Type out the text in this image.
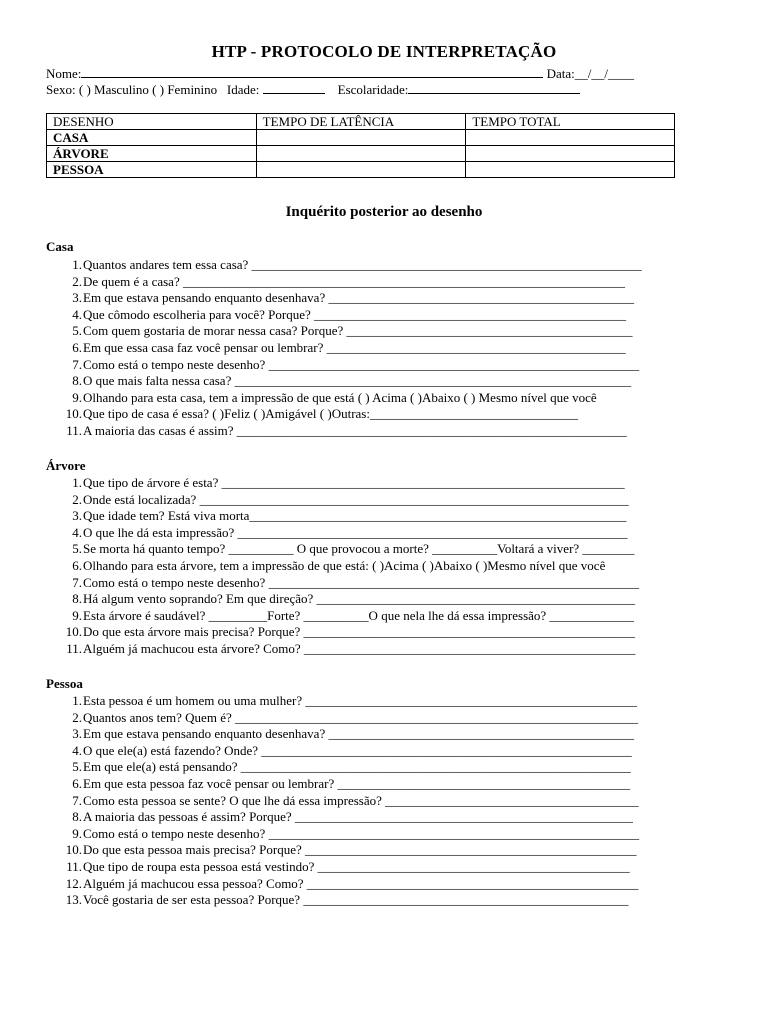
HTP - PROTOCOLO DE INTERPRETAÇÃO
Nome:	Data:__/__/____
Sexo: ( ) Masculino ( ) Feminino Idade:	Escolaridade:
DESENHO	TEMPO DE LATÊNCIA	TEMPO TOTAL
CASA		
ÁRVORE		
PESSOA		
Inquérito posterior ao desenho
Casa
1. Quantos andares tem essa casa? ____________________________________________________________
2. De quem é a casa? ____________________________________________________________________
3. Em que estava pensando enquanto desenhava? _______________________________________________
4. Que cômodo escolheria para você? Porque? ________________________________________________
5. Com quem gostaria de morar nessa casa? Porque? ____________________________________________
6. Em que essa casa faz você pensar ou lembrar? ______________________________________________
7. Como está o tempo neste desenho? _________________________________________________________
8. O que mais falta nessa casa? _____________________________________________________________
9. Olhando para esta casa, tem a impressão de que está ( ) Acima ( )Abaixo ( ) Mesmo nível que você
10. Que tipo de casa é essa? ( )Feliz ( )Amigável ( )Outras:________________________________
11. A maioria das casas é assim? ____________________________________________________________
Árvore
1. Que tipo de árvore é esta? ______________________________________________________________
2. Onde está localizada? __________________________________________________________________
3. Que idade tem? Está viva morta__________________________________________________________
4. O que lhe dá esta impressão? ____________________________________________________________
5. Se morta há quanto tempo? __________ O que provocou a morte? __________Voltará a viver? ________
6. Olhando para esta árvore, tem a impressão de que está: ( )Acima ( )Abaixo ( )Mesmo nível que você
7. Como está o tempo neste desenho? _________________________________________________________
8. Há algum vento soprando? Em que direção? _________________________________________________
9. Esta árvore é saudável? _________Forte? __________O que nela lhe dá essa impressão? _____________
10. Do que esta árvore mais precisa? Porque? ___________________________________________________
11. Alguém já machucou esta árvore? Como? ___________________________________________________
Pessoa
1. Esta pessoa é um homem ou uma mulher? ___________________________________________________
2. Quantos anos tem? Quem é? ______________________________________________________________
3. Em que estava pensando enquanto desenhava? _______________________________________________
4. O que ele(a) está fazendo? Onde? _________________________________________________________
5. Em que ele(a) está pensando? ____________________________________________________________
6. Em que esta pessoa faz você pensar ou lembrar? _____________________________________________
7. Como esta pessoa se sente? O que lhe dá essa impressão? _______________________________________
8. A maioria das pessoas é assim? Porque? ____________________________________________________
9. Como está o tempo neste desenho? _________________________________________________________
10. Do que esta pessoa mais precisa? Porque? ___________________________________________________
11. Que tipo de roupa esta pessoa está vestindo? ________________________________________________
12. Alguém já machucou essa pessoa? Como? ___________________________________________________
13. Você gostaria de ser esta pessoa? Porque? __________________________________________________
